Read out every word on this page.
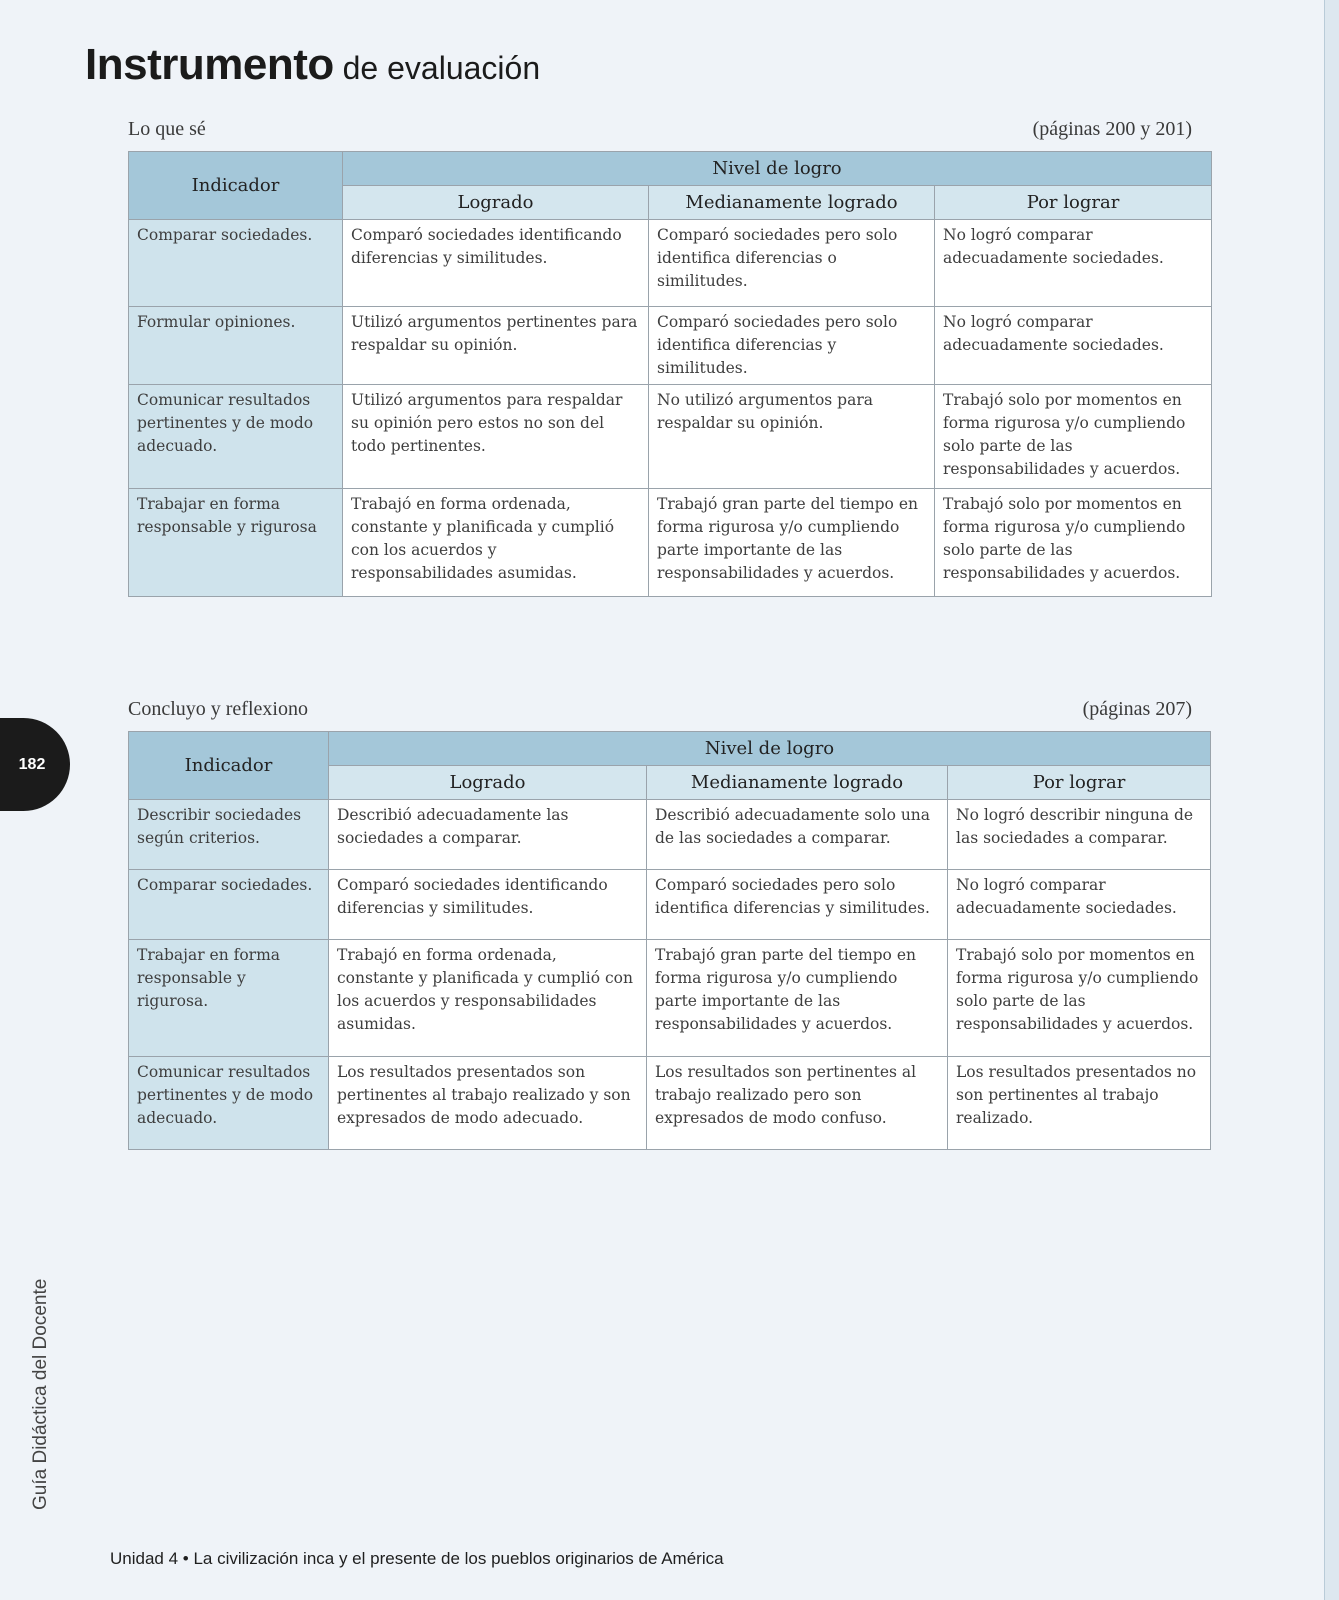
Instrumento de evaluación
Lo que sé	(páginas 200 y 201)
Indicador	Nivel de logro		
	Logrado	Medianamente logrado	Por lograr
Comparar sociedades.	Comparó sociedades identificando diferencias y similitudes.	Comparó sociedades pero solo identifica diferencias o similitudes.	No logró comparar adecuadamente sociedades.
Formular opiniones.	Utilizó argumentos pertinentes para respaldar su opinión.	Comparó sociedades pero solo identifica diferencias y similitudes.	No logró comparar adecuadamente sociedades.
Comunicar resultados pertinentes y de modo adecuado.	Utilizó argumentos para respaldar su opinión pero estos no son del todo pertinentes.	No utilizó argumentos para respaldar su opinión.	Trabajó solo por momentos en forma rigurosa y/o cumpliendo solo parte de las responsabilidades y acuerdos.
Trabajar en forma responsable y rigurosa	Trabajó en forma ordenada, constante y planificada y cumplió con los acuerdos y responsabilidades asumidas.	Trabajó gran parte del tiempo en forma rigurosa y/o cumpliendo parte importante de las responsabilidades y acuerdos.	Trabajó solo por momentos en forma rigurosa y/o cumpliendo solo parte de las responsabilidades y acuerdos.
Concluyo y reflexiono	(páginas 207)
Indicador	Nivel de logro		
	Logrado	Medianamente logrado	Por lograr
Describir sociedades según criterios.	Describió adecuadamente las sociedades a comparar.	Describió adecuadamente solo una de las sociedades a comparar.	No logró describir ninguna de las sociedades a comparar.
Comparar sociedades.	Comparó sociedades identificando diferencias y similitudes.	Comparó sociedades pero solo identifica diferencias y similitudes.	No logró comparar adecuadamente sociedades.
Trabajar en forma responsable y rigurosa.	Trabajó en forma ordenada, constante y planificada y cumplió con los acuerdos y responsabilidades asumidas.	Trabajó gran parte del tiempo en forma rigurosa y/o cumpliendo parte importante de las responsabilidades y acuerdos.	Trabajó solo por momentos en forma rigurosa y/o cumpliendo solo parte de las responsabilidades y acuerdos.
Comunicar resultados pertinentes y de modo adecuado.	Los resultados presentados son pertinentes al trabajo realizado y son expresados de modo adecuado.	Los resultados son pertinentes al trabajo realizado pero son expresados de modo confuso.	Los resultados presentados no son pertinentes al trabajo realizado.
182
Guía Didáctica del Docente
Unidad 4 • La civilización inca y el presente de los pueblos originarios de América
